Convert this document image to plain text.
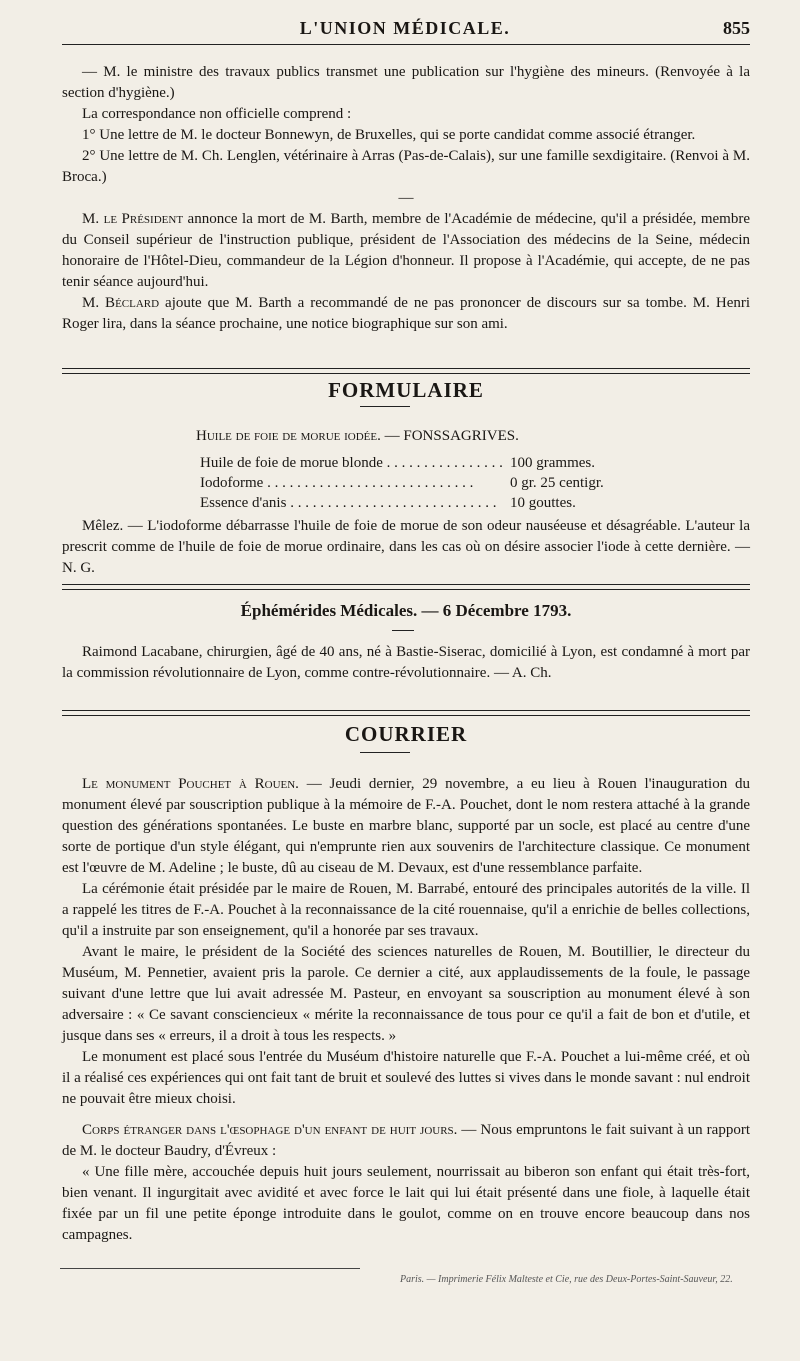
L'UNION MÉDICALE.	855

— M. le ministre des travaux publics transmet une publication sur l'hygiène des mineurs. (Renvoyée à la section d'hygiène.)

La correspondance non officielle comprend :

1° Une lettre de M. le docteur Bonnewyn, de Bruxelles, qui se porte candidat comme associé étranger.

2° Une lettre de M. Ch. Lenglen, vétérinaire à Arras (Pas-de-Calais), sur une famille sexdigitaire. (Renvoi à M. Broca.)

—

M. le Président annonce la mort de M. Barth, membre de l'Académie de médecine, qu'il a présidée, membre du Conseil supérieur de l'instruction publique, président de l'Association des médecins de la Seine, médecin honoraire de l'Hôtel-Dieu, commandeur de la Légion d'honneur. Il propose à l'Académie, qui accepte, de ne pas tenir séance aujourd'hui.

M. Béclard ajoute que M. Barth a recommandé de ne pas prononcer de discours sur sa tombe. M. Henri Roger lira, dans la séance prochaine, une notice biographique sur son ami.

FORMULAIRE
Huile de foie de morue iodée. — FONSSAGRIVES.
Huile de foie de morue blonde . . .	100 grammes.
Iodoforme . . .	0 gr. 25 centigr.
Essence d'anis . . .	10 gouttes.

Mêlez. — L'iodoforme débarrasse l'huile de foie de morue de son odeur nauséeuse et désagréable. L'auteur la prescrit comme de l'huile de foie de morue ordinaire, dans les cas où on désire associer l'iode à cette dernière. — N. G.

Éphémérides Médicales. — 6 Décembre 1793.

Raimond Lacabane, chirurgien, âgé de 40 ans, né à Bastie-Siserac, domicilié à Lyon, est condamné à mort par la commission révolutionnaire de Lyon, comme contre-révolutionnaire. — A. Ch.

COURRIER

Le monument Pouchet à Rouen. — Jeudi dernier, 29 novembre, a eu lieu à Rouen l'inauguration du monument élevé par souscription publique à la mémoire de F.-A. Pouchet, dont le nom restera attaché à la grande question des générations spontanées. Le buste en marbre blanc, supporté par un socle, est placé au centre d'une sorte de portique d'un style élégant, qui n'emprunte rien aux souvenirs de l'architecture classique. Ce monument est l'œuvre de M. Adeline ; le buste, dû au ciseau de M. Devaux, est d'une ressemblance parfaite.

La cérémonie était présidée par le maire de Rouen, M. Barrabé, entouré des principales autorités de la ville. Il a rappelé les titres de F.-A. Pouchet à la reconnaissance de la cité rouennaise, qu'il a enrichie de belles collections, qu'il a instruite par son enseignement, qu'il a honorée par ses travaux.

Avant le maire, le président de la Société des sciences naturelles de Rouen, M. Boutillier, le directeur du Muséum, M. Pennetier, avaient pris la parole. Ce dernier a cité, aux applaudissements de la foule, le passage suivant d'une lettre que lui avait adressée M. Pasteur, en envoyant sa souscription au monument élevé à son adversaire : « Ce savant consciencieux « mérite la reconnaissance de tous pour ce qu'il a fait de bon et d'utile, et jusque dans ses « erreurs, il a droit à tous les respects. »

Le monument est placé sous l'entrée du Muséum d'histoire naturelle que F.-A. Pouchet a lui-même créé, et où il a réalisé ces expériences qui ont fait tant de bruit et soulevé des luttes si vives dans le monde savant : nul endroit ne pouvait être mieux choisi.

Corps étranger dans l'œsophage d'un enfant de huit jours. — Nous empruntons le fait suivant à un rapport de M. le docteur Baudry, d'Évreux :

« Une fille mère, accouchée depuis huit jours seulement, nourrissait au biberon son enfant qui était très-fort, bien venant. Il ingurgitait avec avidité et avec force le lait qui lui était présenté dans une fiole, à laquelle était fixée par un fil une petite éponge introduite dans le goulot, comme on en trouve encore beaucoup dans nos campagnes.

Paris. — Imprimerie Félix Malteste et Cie, rue des Deux-Portes-Saint-Sauveur, 22.
